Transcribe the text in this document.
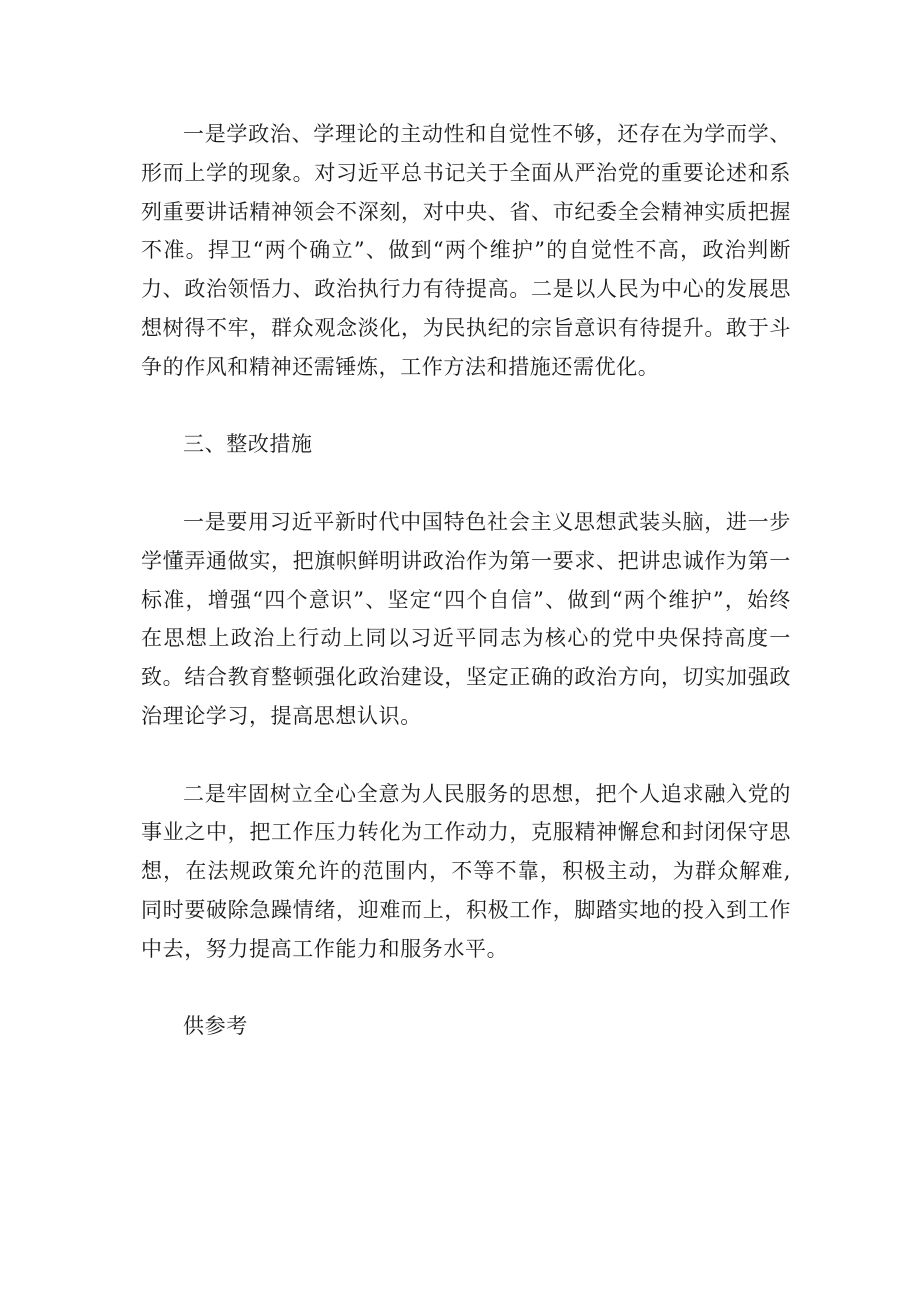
一是学政治、学理论的主动性和自觉性不够，还存在为学而学、形而上学的现象。对习近平总书记关于全面从严治党的重要论述和系列重要讲话精神领会不深刻，对中央、省、市纪委全会精神实质把握不准。捍卫“两个确立”、做到“两个维护”的自觉性不高，政治判断力、政治领悟力、政治执行力有待提高。二是以人民为中心的发展思想树得不牢，群众观念淡化，为民执纪的宗旨意识有待提升。敢于斗争的作风和精神还需锤炼，工作方法和措施还需优化。

三、整改措施

一是要用习近平新时代中国特色社会主义思想武装头脑，进一步学懂弄通做实，把旗帜鲜明讲政治作为第一要求、把讲忠诚作为第一标准，增强“四个意识”、坚定“四个自信”、做到“两个维护”，始终在思想上政治上行动上同以习近平同志为核心的党中央保持高度一致。结合教育整顿强化政治建设，坚定正确的政治方向，切实加强政治理论学习，提高思想认识。

二是牢固树立全心全意为人民服务的思想，把个人追求融入党的事业之中，把工作压力转化为工作动力，克服精神懈怠和封闭保守思想，在法规政策允许的范围内，不等不靠，积极主动，为群众解难,同时要破除急躁情绪，迎难而上，积极工作，脚踏实地的投入到工作中去，努力提高工作能力和服务水平。

供参考
